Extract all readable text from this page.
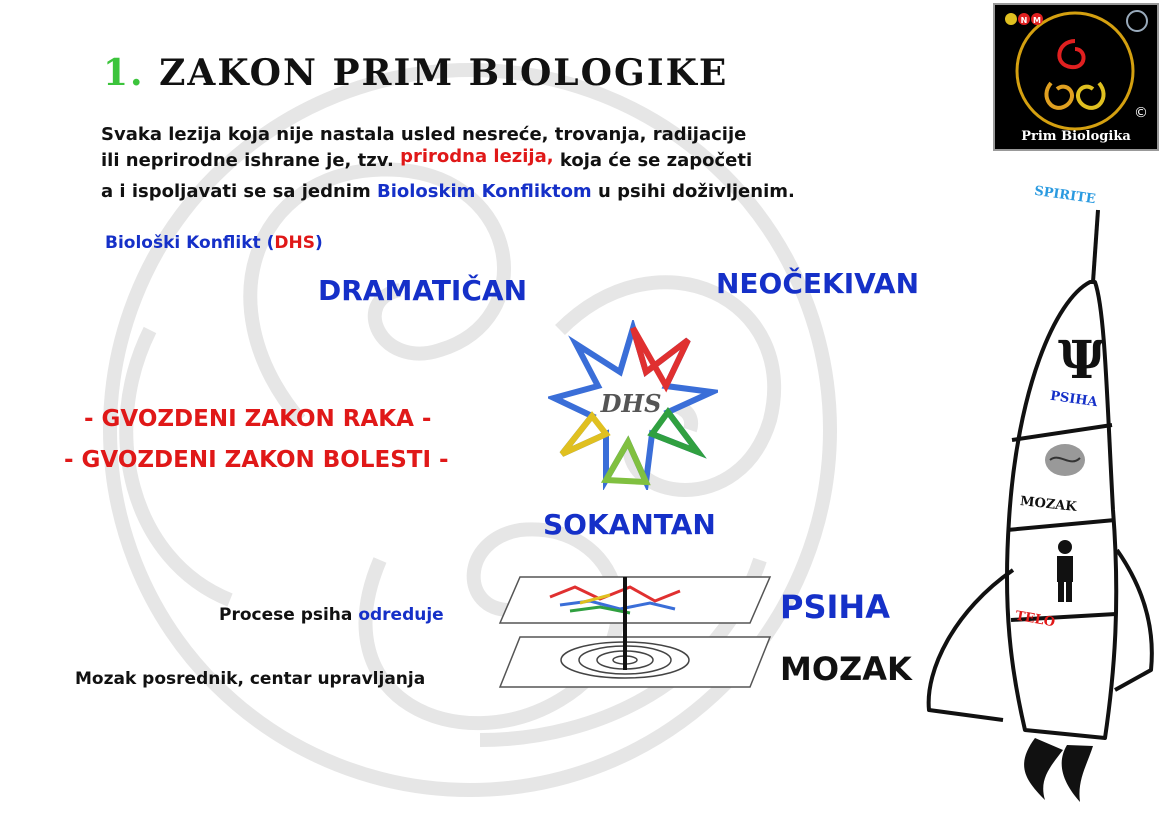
1. ZAKON PRIM BIOLOGIKE
Svaka lezija koja nije nastala usled nesreće, trovanja, radijacije
ili neprirodne ishrane je, tzv. prirodna lezija, koja će se započeti
a i ispoljavati se sa jednim Bioloskim Konfliktom u psihi doživljenim.
Biološki Konflikt (DHS)
DRAMATIČAN	NEOČEKIVAN
SOKANTAN
DHS
- GVOZDENI ZAKON RAKA -
- GVOZDENI ZAKON BOLESTI -
Procese psiha odreduje
Mozak posrednik, centar upravljanja
PSIHA
MOZAK
N M
©
Prim Biologika
SPIRITE
Ψ
PSIHA
MOZAK
TELO
